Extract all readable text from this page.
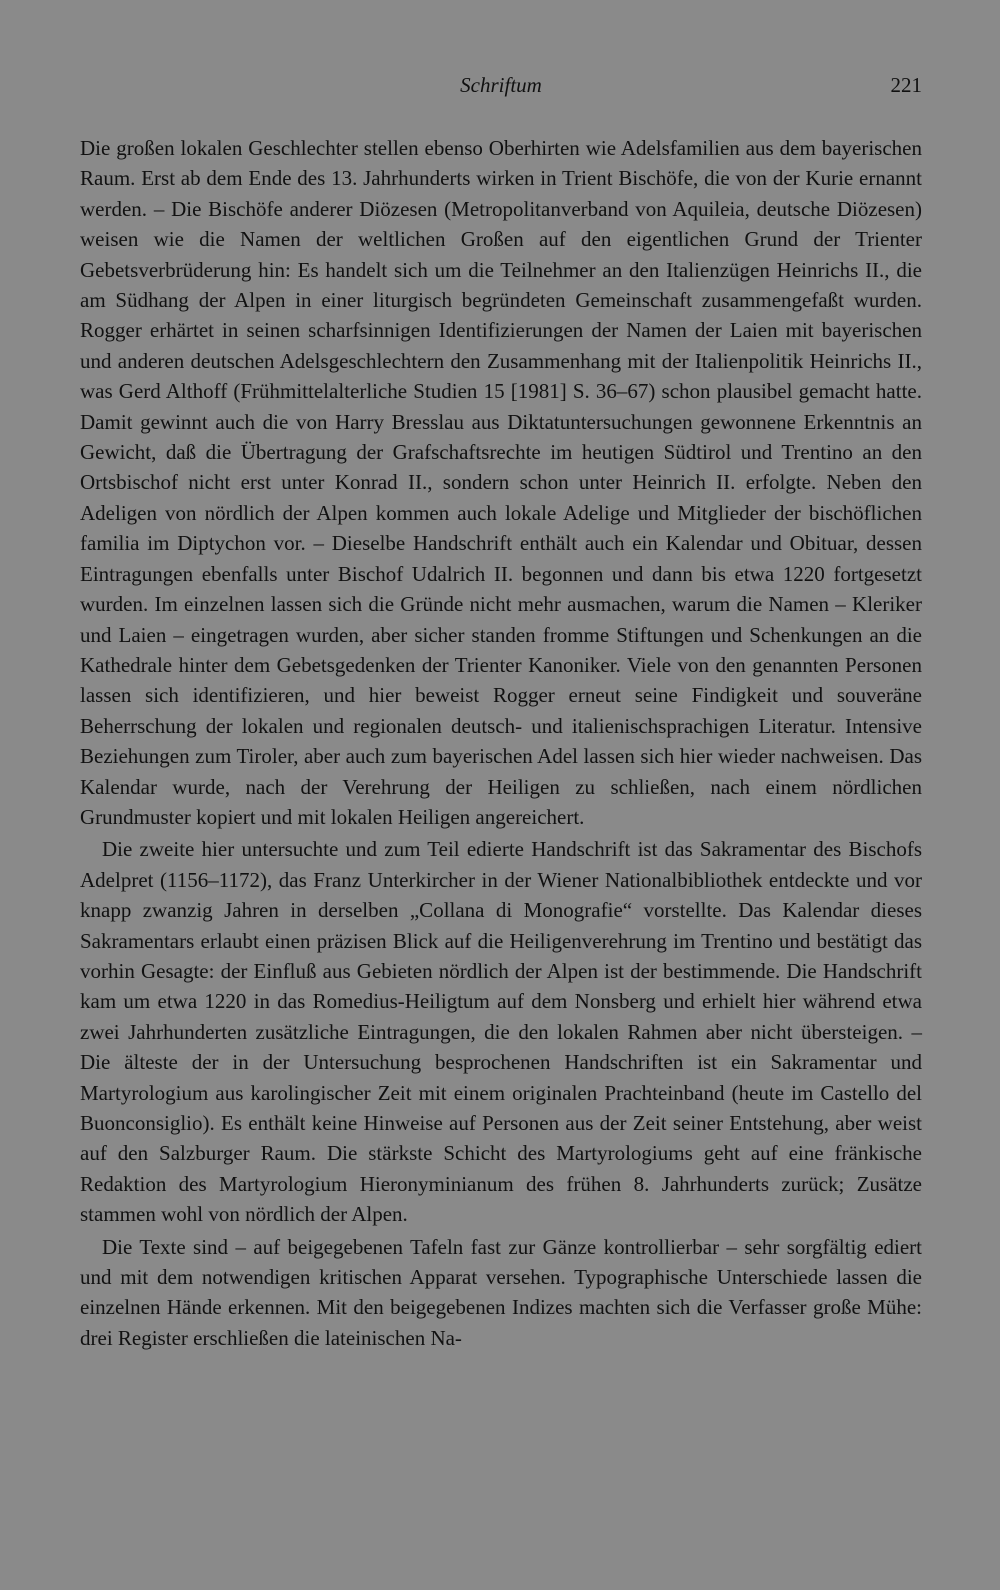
Schriftum	221

Die großen lokalen Geschlechter stellen ebenso Oberhirten wie Adelsfamilien aus dem bayerischen Raum. Erst ab dem Ende des 13. Jahrhunderts wirken in Trient Bischöfe, die von der Kurie ernannt werden. – Die Bischöfe anderer Diözesen (Metropolitanverband von Aquileia, deutsche Diözesen) weisen wie die Namen der weltlichen Großen auf den eigentlichen Grund der Trienter Gebetsverbrüderung hin: Es handelt sich um die Teilnehmer an den Italienzügen Heinrichs II., die am Südhang der Alpen in einer liturgisch begründeten Gemeinschaft zusammengefaßt wurden. Rogger erhärtet in seinen scharfsinnigen Identifizierungen der Namen der Laien mit bayerischen und anderen deutschen Adelsgeschlechtern den Zusammenhang mit der Italienpolitik Heinrichs II., was Gerd Althoff (Frühmittelalterliche Studien 15 [1981] S. 36–67) schon plausibel gemacht hatte. Damit gewinnt auch die von Harry Bresslau aus Diktatuntersuchungen gewonnene Erkenntnis an Gewicht, daß die Übertragung der Grafschaftsrechte im heutigen Südtirol und Trentino an den Ortsbischof nicht erst unter Konrad II., sondern schon unter Heinrich II. erfolgte. Neben den Adeligen von nördlich der Alpen kommen auch lokale Adelige und Mitglieder der bischöflichen familia im Diptychon vor. – Dieselbe Handschrift enthält auch ein Kalendar und Obituar, dessen Eintragungen ebenfalls unter Bischof Udalrich II. begonnen und dann bis etwa 1220 fortgesetzt wurden. Im einzelnen lassen sich die Gründe nicht mehr ausmachen, warum die Namen – Kleriker und Laien – eingetragen wurden, aber sicher standen fromme Stiftungen und Schenkungen an die Kathedrale hinter dem Gebetsgedenken der Trienter Kanoniker. Viele von den genannten Personen lassen sich identifizieren, und hier beweist Rogger erneut seine Findigkeit und souveräne Beherrschung der lokalen und regionalen deutsch- und italienischsprachigen Literatur. Intensive Beziehungen zum Tiroler, aber auch zum bayerischen Adel lassen sich hier wieder nachweisen. Das Kalendar wurde, nach der Verehrung der Heiligen zu schließen, nach einem nördlichen Grundmuster kopiert und mit lokalen Heiligen angereichert.

Die zweite hier untersuchte und zum Teil edierte Handschrift ist das Sakramentar des Bischofs Adelpret (1156–1172), das Franz Unterkircher in der Wiener Nationalbibliothek entdeckte und vor knapp zwanzig Jahren in derselben „Collana di Monografie“ vorstellte. Das Kalendar dieses Sakramentars erlaubt einen präzisen Blick auf die Heiligenverehrung im Trentino und bestätigt das vorhin Gesagte: der Einfluß aus Gebieten nördlich der Alpen ist der bestimmende. Die Handschrift kam um etwa 1220 in das Romedius-Heiligtum auf dem Nonsberg und erhielt hier während etwa zwei Jahrhunderten zusätzliche Eintragungen, die den lokalen Rahmen aber nicht übersteigen. – Die älteste der in der Untersuchung besprochenen Handschriften ist ein Sakramentar und Martyrologium aus karolingischer Zeit mit einem originalen Prachteinband (heute im Castello del Buonconsiglio). Es enthält keine Hinweise auf Personen aus der Zeit seiner Entstehung, aber weist auf den Salzburger Raum. Die stärkste Schicht des Martyrologiums geht auf eine fränkische Redaktion des Martyrologium Hieronyminianum des frühen 8. Jahrhunderts zurück; Zusätze stammen wohl von nördlich der Alpen.

Die Texte sind – auf beigegebenen Tafeln fast zur Gänze kontrollierbar – sehr sorgfältig ediert und mit dem notwendigen kritischen Apparat versehen. Typographische Unterschiede lassen die einzelnen Hände erkennen. Mit den beigegebenen Indizes machten sich die Verfasser große Mühe: drei Register erschließen die lateinischen Na-
